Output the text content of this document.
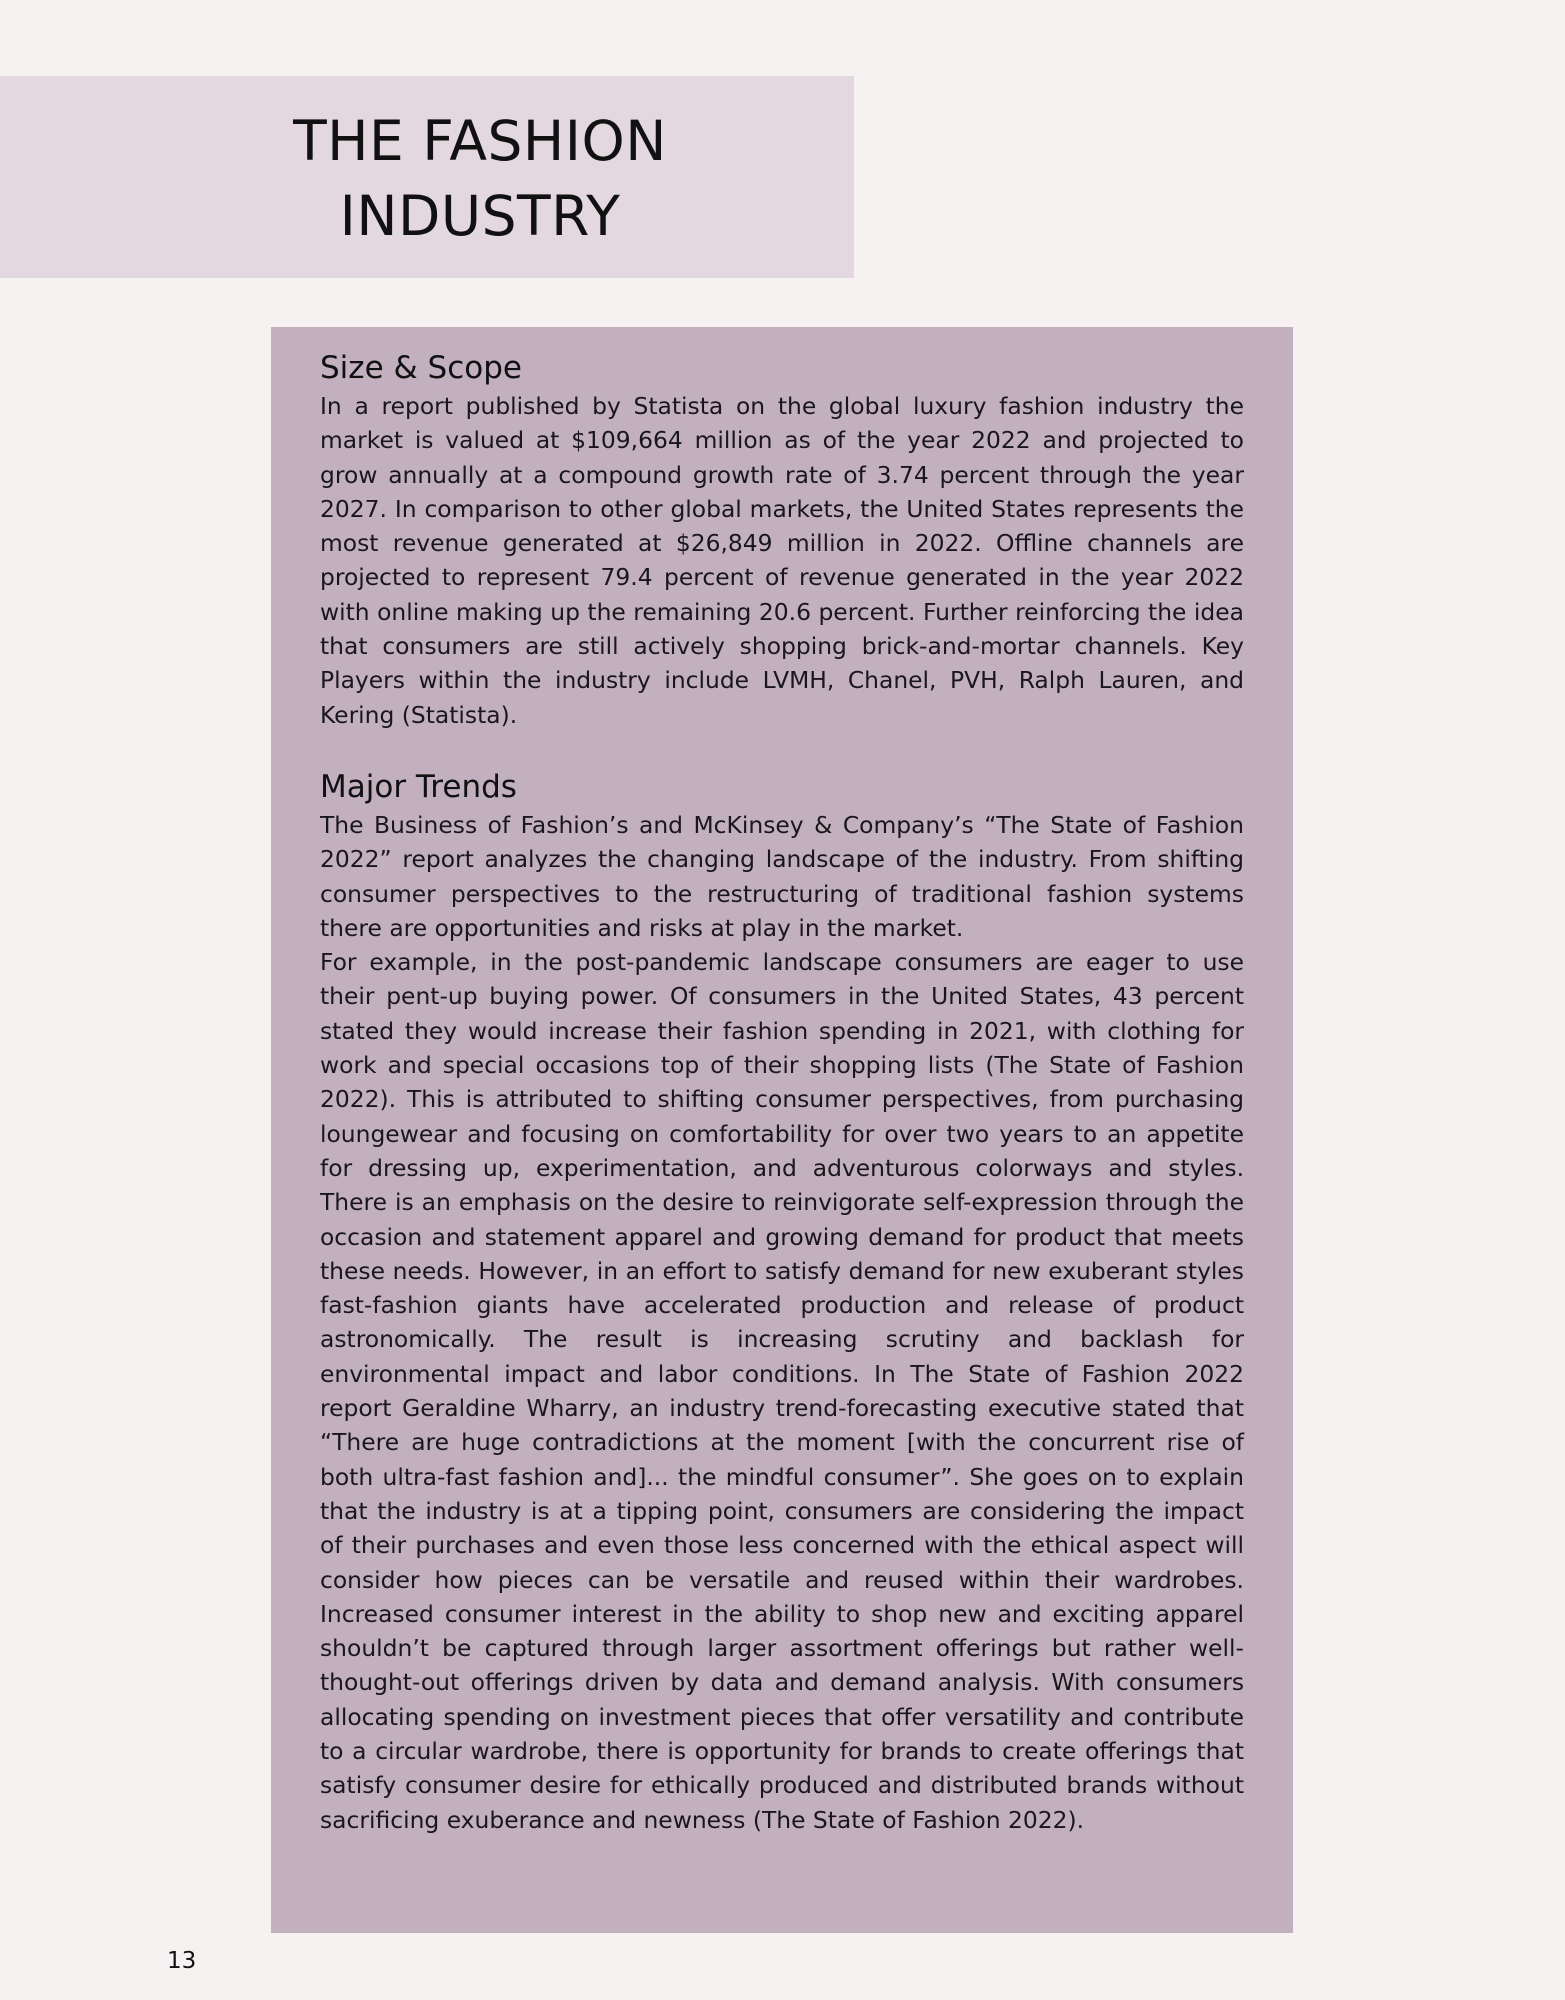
THE FASHION
INDUSTRY
Size & Scope

In a report published by Statista on the global luxury fashion industry the market is valued at $109,664 million as of the year 2022 and projected to grow annually at a compound growth rate of 3.74 percent through the year 2027. In comparison to other global markets, the United States represents the most revenue generated at $26,849 million in 2022. Offline channels are projected to represent 79.4 percent of revenue generated in the year 2022 with online making up the remaining 20.6 percent. Further reinforcing the idea that consumers are still actively shopping brick-and-mortar channels. Key Players within the industry include LVMH, Chanel, PVH, Ralph Lauren, and Kering (Statista).

Major Trends

The Business of Fashion’s and McKinsey & Company’s “The State of Fashion 2022” report analyzes the changing landscape of the industry. From shifting consumer perspectives to the restructuring of traditional fashion systems there are opportunities and risks at play in the market.

For example, in the post-pandemic landscape consumers are eager to use their pent-up buying power. Of consumers in the United States, 43 percent stated they would increase their fashion spending in 2021, with clothing for work and special occasions top of their shopping lists (The State of Fashion 2022). This is attributed to shifting consumer perspectives, from purchasing loungewear and focusing on comfortability for over two years to an appetite for dressing up, experimentation, and adventurous colorways and styles. There is an emphasis on the desire to reinvigorate self-expression through the occasion and statement apparel and growing demand for product that meets these needs. However, in an effort to satisfy demand for new exuberant styles fast-fashion giants have accelerated production and release of product astronomically. The result is increasing scrutiny and backlash for environmental impact and labor conditions. In The State of Fashion 2022 report Geraldine Wharry, an industry trend-forecasting executive stated that “There are huge contradictions at the moment [with the concurrent rise of both ultra-fast fashion and]... the mindful consumer”. She goes on to explain that the industry is at a tipping point, consumers are considering the impact of their purchases and even those less concerned with the ethical aspect will consider how pieces can be versatile and reused within their wardrobes. Increased consumer interest in the ability to shop new and exciting apparel shouldn’t be captured through larger assortment offerings but rather well-thought-out offerings driven by data and demand analysis. With consumers allocating spending on investment pieces that offer versatility and contribute to a circular wardrobe, there is opportunity for brands to create offerings that satisfy consumer desire for ethically produced and distributed brands without sacrificing exuberance and newness (The State of Fashion 2022).

13
